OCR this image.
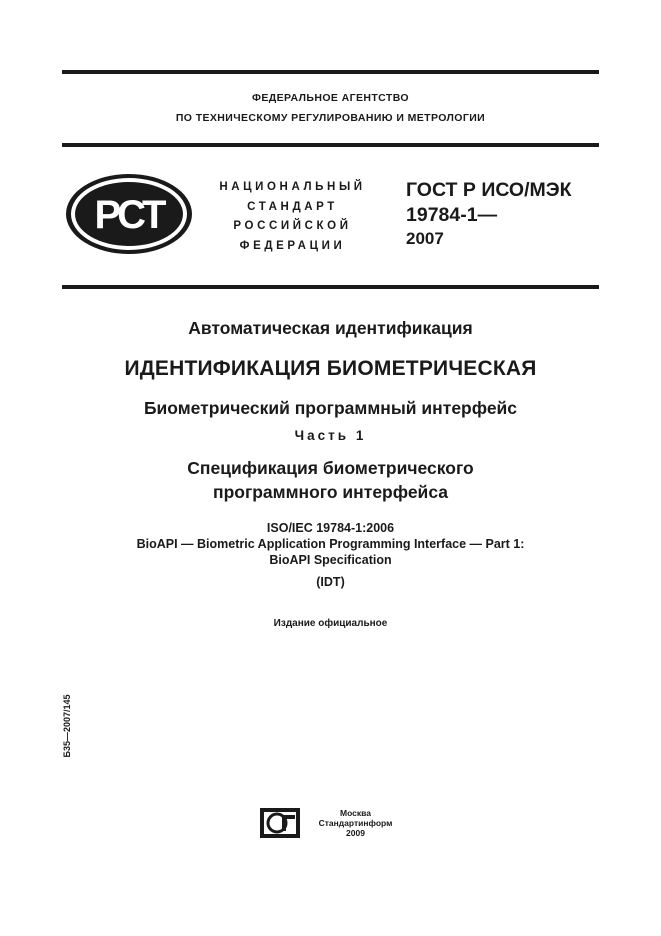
ФЕДЕРАЛЬНОЕ АГЕНТСТВО
ПО ТЕХНИЧЕСКОМУ РЕГУЛИРОВАНИЮ И МЕТРОЛОГИИ
РСТ
НАЦИОНАЛЬНЫЙ
СТАНДАРТ
РОССИЙСКОЙ
ФЕДЕРАЦИИ
ГОСТ Р ИСО/МЭК
19784-1—
2007
Автоматическая идентификация
ИДЕНТИФИКАЦИЯ БИОМЕТРИЧЕСКАЯ
Биометрический программный интерфейс
Часть 1
Спецификация биометрического
программного интерфейса
ISO/IEC 19784-1:2006
BioAPI — Biometric Application Programming Interface — Part 1:
BioAPI Specification
(IDT)
Издание официальное
Б35—2007/145
Москва
Стандартинформ
2009
